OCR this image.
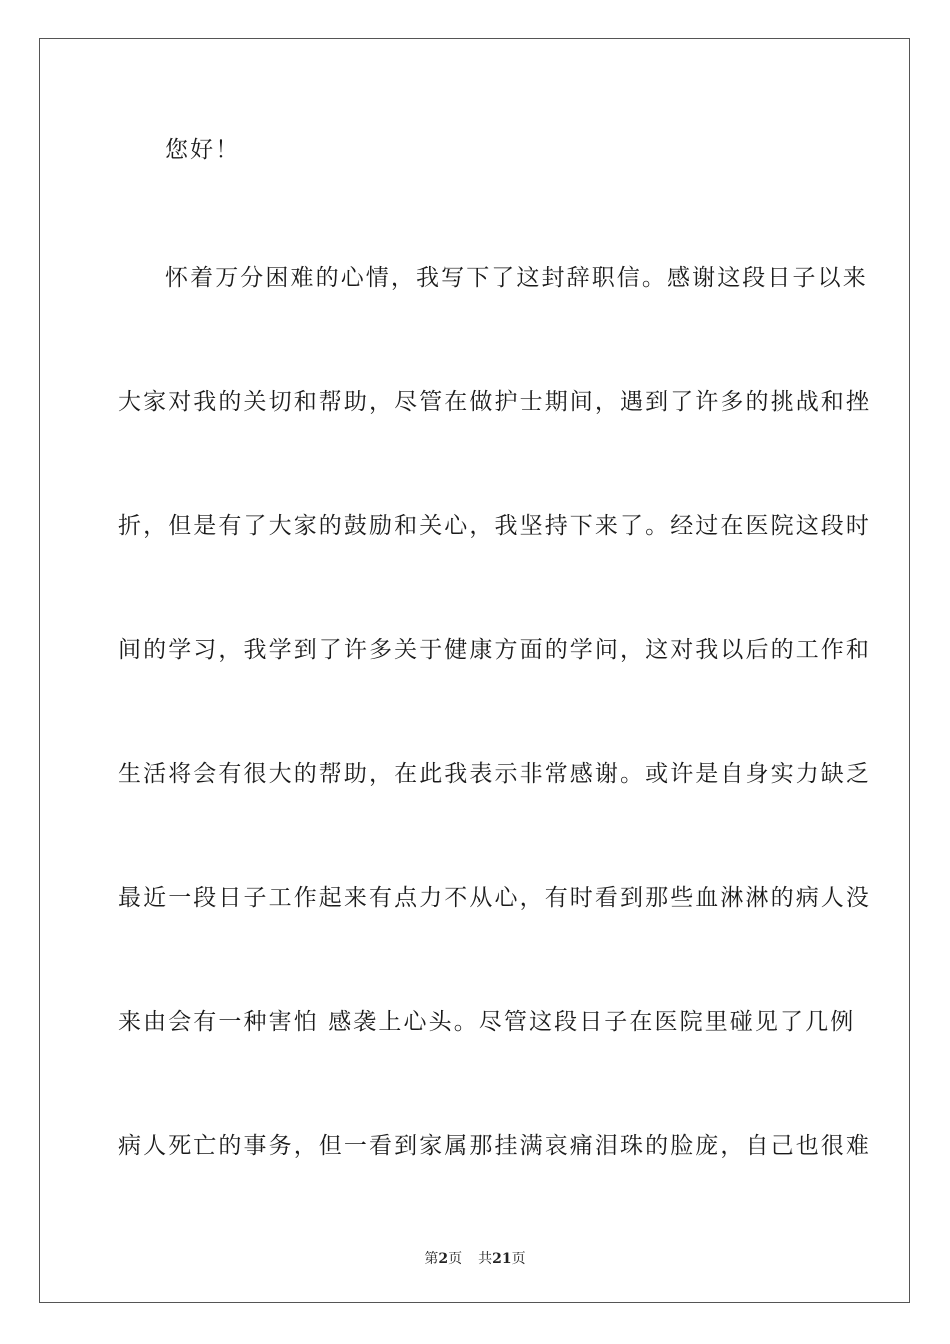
您好！
怀着万分困难的心情，我写下了这封辞职信。感谢这段日子以来
大家对我的关切和帮助，尽管在做护士期间，遇到了许多的挑战和挫
折，但是有了大家的鼓励和关心，我坚持下来了。经过在医院这段时
间的学习，我学到了许多关于健康方面的学问，这对我以后的工作和
生活将会有很大的帮助，在此我表示非常感谢。或许是自身实力缺乏
最近一段日子工作起来有点力不从心，有时看到那些血淋淋的病人没
来由会有一种害怕 感袭上心头。尽管这段日子在医院里碰见了几例
病人死亡的事务，但一看到家属那挂满哀痛泪珠的脸庞，自己也很难
第2页 共21页
